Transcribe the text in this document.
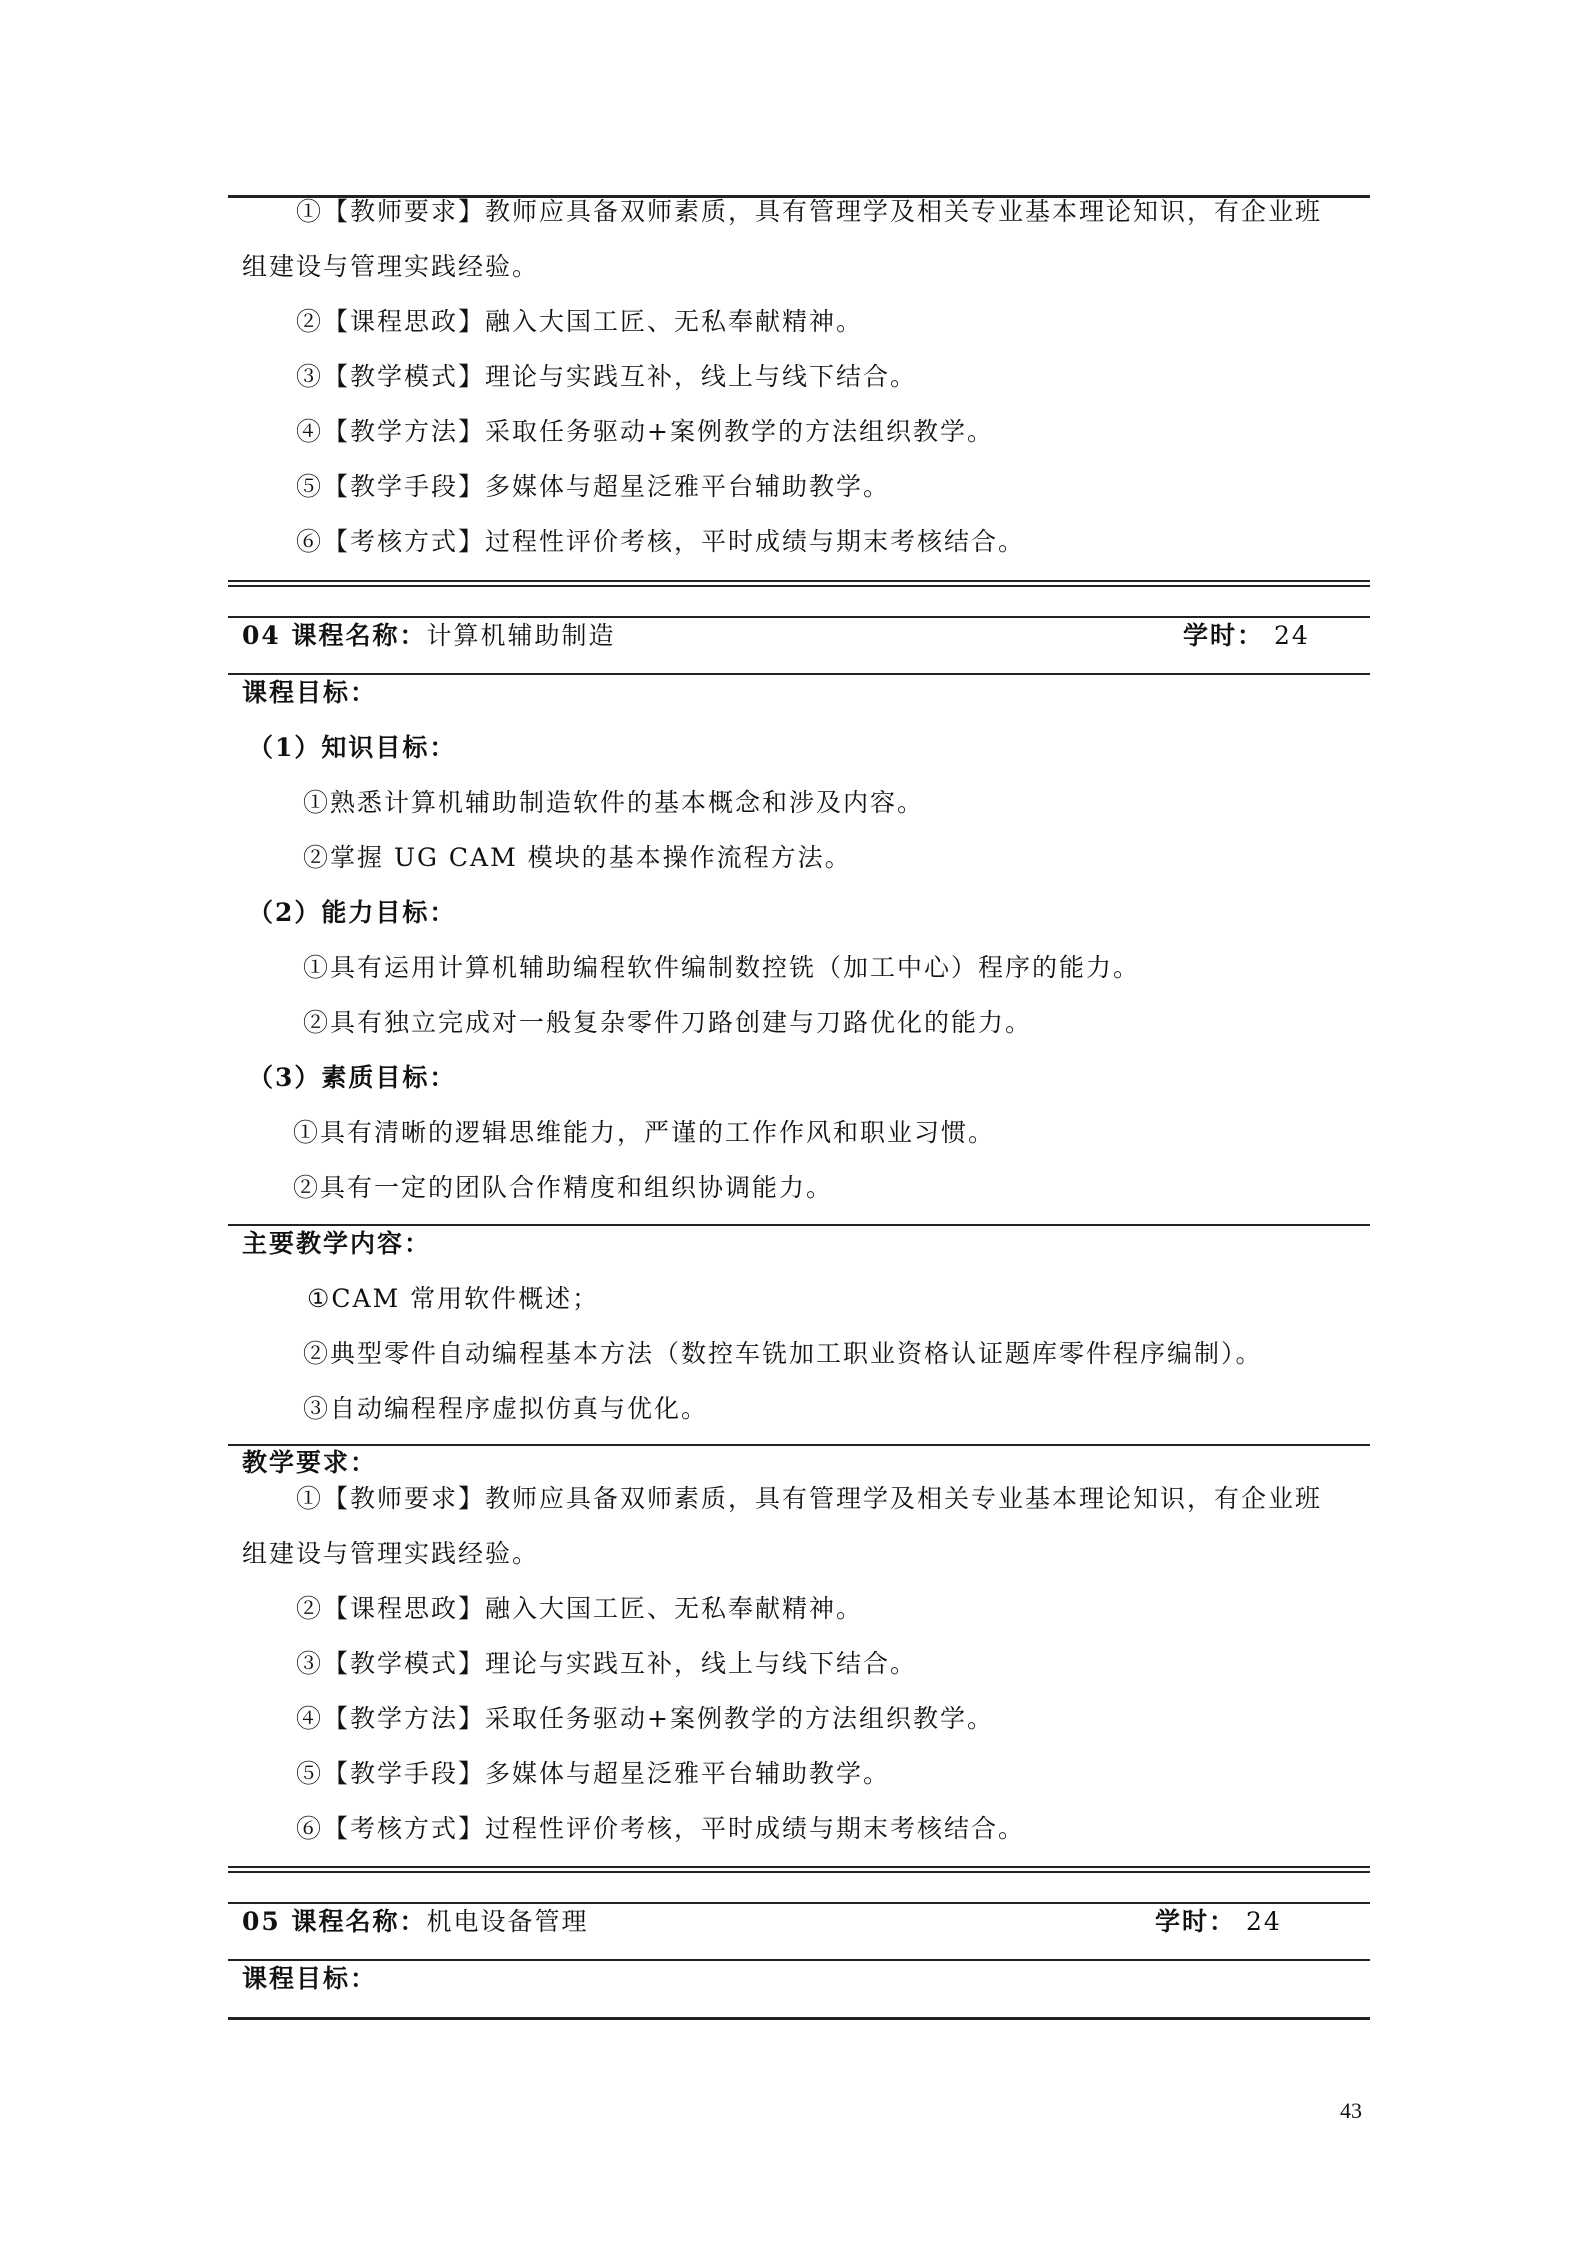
①【教师要求】教师应具备双师素质，具有管理学及相关专业基本理论知识，有企业班
组建设与管理实践经验。
②【课程思政】融入大国工匠、无私奉献精神。
③【教学模式】理论与实践互补，线上与线下结合。
④【教学方法】采取任务驱动+案例教学的方法组织教学。
⑤【教学手段】多媒体与超星泛雅平台辅助教学。
⑥【考核方式】过程性评价考核，平时成绩与期末考核结合。
04 课程名称：计算机辅助制造	学时： 24
课程目标：
（1）知识目标：
①熟悉计算机辅助制造软件的基本概念和涉及内容。
②掌握 UG CAM 模块的基本操作流程方法。
（2）能力目标：
①具有运用计算机辅助编程软件编制数控铣（加工中心）程序的能力。
②具有独立完成对一般复杂零件刀路创建与刀路优化的能力。
（3）素质目标：
①具有清晰的逻辑思维能力，严谨的工作作风和职业习惯。
②具有一定的团队合作精度和组织协调能力。
主要教学内容：
①CAM 常用软件概述；
②典型零件自动编程基本方法（数控车铣加工职业资格认证题库零件程序编制）。
③自动编程程序虚拟仿真与优化。
教学要求：
①【教师要求】教师应具备双师素质，具有管理学及相关专业基本理论知识，有企业班
组建设与管理实践经验。
②【课程思政】融入大国工匠、无私奉献精神。
③【教学模式】理论与实践互补，线上与线下结合。
④【教学方法】采取任务驱动+案例教学的方法组织教学。
⑤【教学手段】多媒体与超星泛雅平台辅助教学。
⑥【考核方式】过程性评价考核，平时成绩与期末考核结合。
05 课程名称：机电设备管理	学时： 24
课程目标：
43
